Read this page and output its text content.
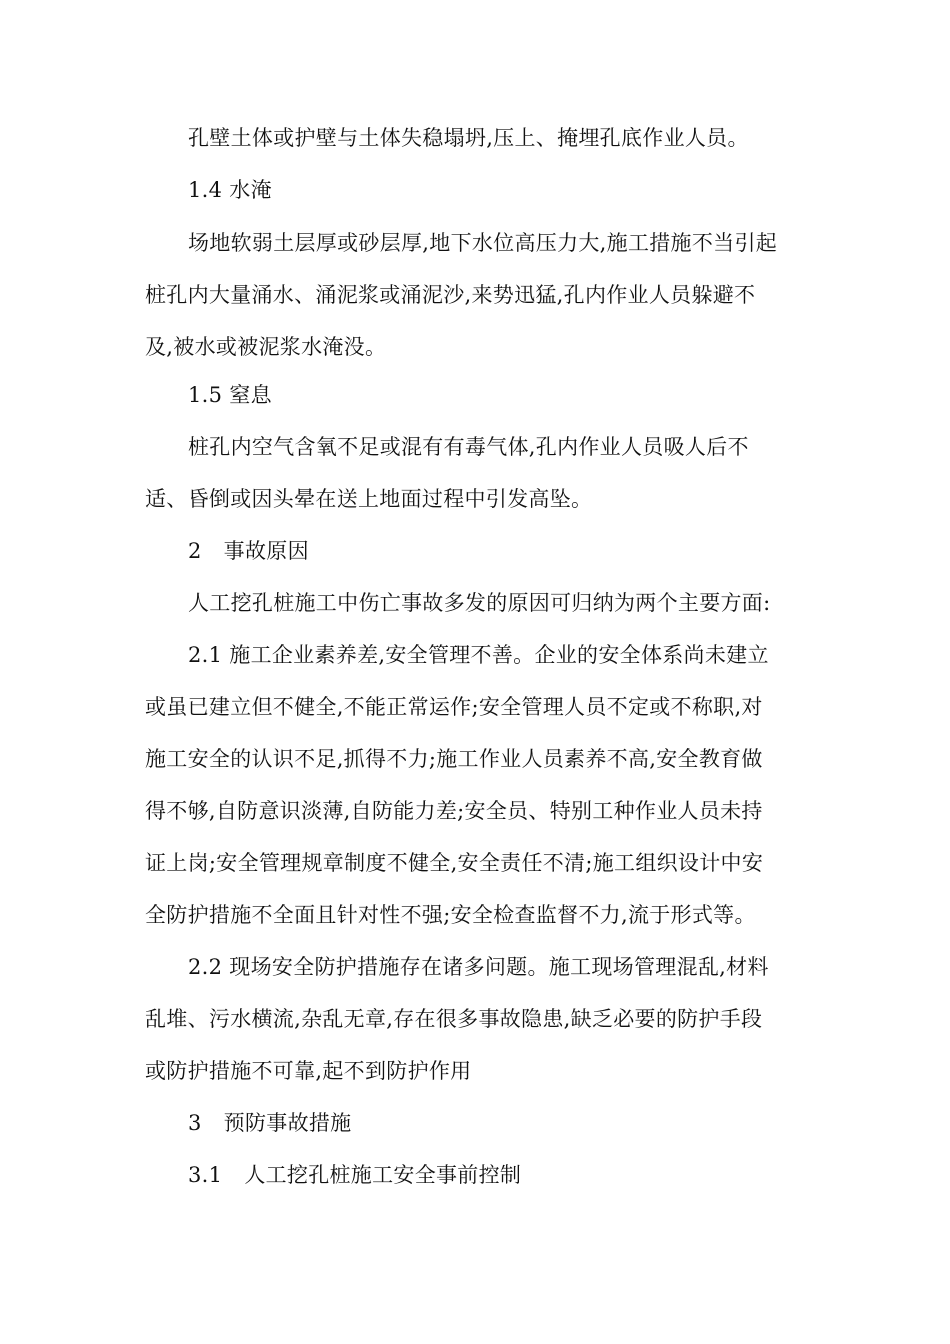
孔壁土体或护壁与土体失稳塌坍,压上、掩埋孔底作业人员。
1.4 水淹
场地软弱土层厚或砂层厚,地下水位高压力大,施工措施不当引起
桩孔内大量涌水、涌泥浆或涌泥沙,来势迅猛,孔内作业人员躲避不
及,被水或被泥浆水淹没。
1.5 窒息
桩孔内空气含氧不足或混有有毒气体,孔内作业人员吸人后不
适、昏倒或因头晕在送上地面过程中引发高坠。
2 事故原因
人工挖孔桩施工中伤亡事故多发的原因可归纳为两个主要方面:
2.1 施工企业素养差,安全管理不善。企业的安全体系尚未建立
或虽已建立但不健全,不能正常运作;安全管理人员不定或不称职,对
施工安全的认识不足,抓得不力;施工作业人员素养不高,安全教育做
得不够,自防意识淡薄,自防能力差;安全员、特别工种作业人员未持
证上岗;安全管理规章制度不健全,安全责任不清;施工组织设计中安
全防护措施不全面且针对性不强;安全检查监督不力,流于形式等。
2.2 现场安全防护措施存在诸多问题。施工现场管理混乱,材料
乱堆、污水横流,杂乱无章,存在很多事故隐患,缺乏必要的防护手段
或防护措施不可靠,起不到防护作用
3 预防事故措施
3.1 人工挖孔桩施工安全事前控制
